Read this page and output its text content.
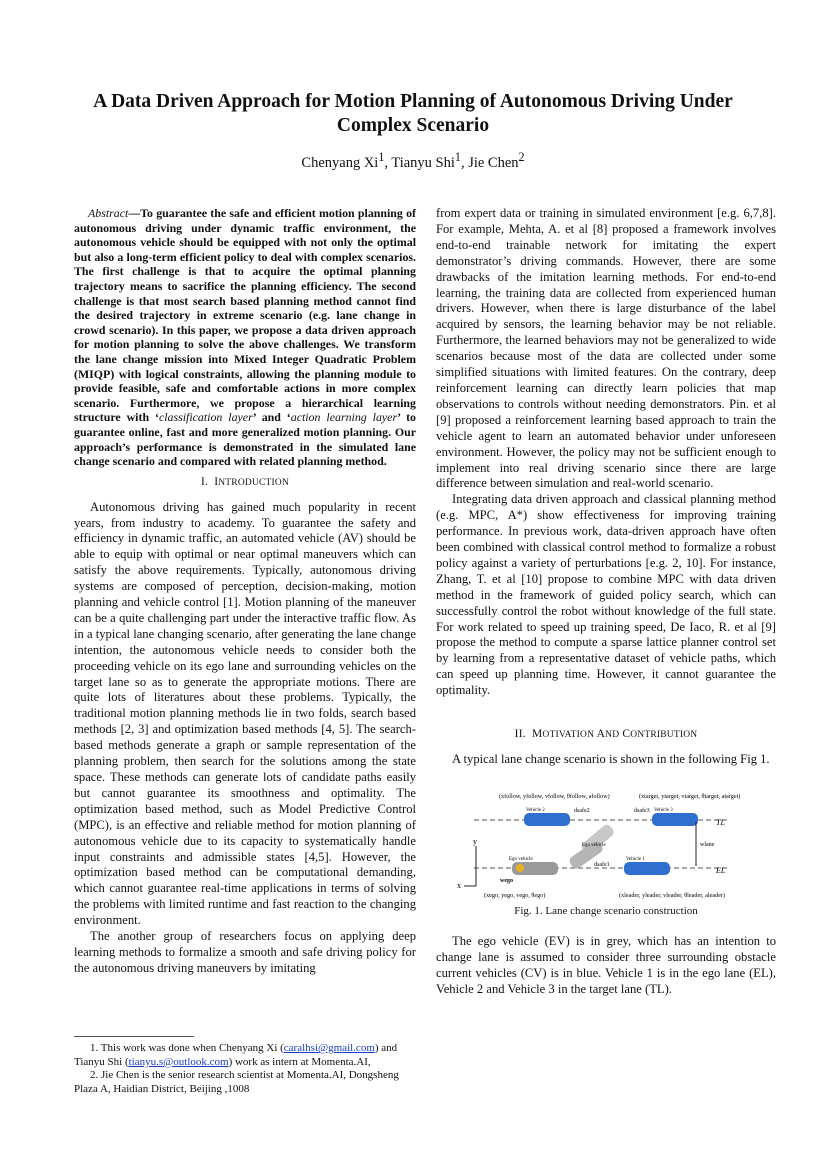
A Data Driven Approach for Motion Planning of Autonomous Driving Under Complex Scenario
Chenyang Xi$^1$, Tianyu Shi$^1$, Jie Chen$^2$

Abstract—To guarantee the safe and efficient motion planning of autonomous driving under dynamic traffic environment, the autonomous vehicle should be equipped with not only the optimal but also a long-term efficient policy to deal with complex scenarios. The first challenge is that to acquire the optimal planning trajectory means to sacrifice the planning efficiency. The second challenge is that most search based planning method cannot find the desired trajectory in extreme scenario (e.g. lane change in crowd scenario). In this paper, we propose a data driven approach for motion planning to solve the above challenges. We transform the lane change mission into Mixed Integer Quadratic Problem (MIQP) with logical constraints, allowing the planning module to provide feasible, safe and comfortable actions in more complex scenario. Furthermore, we propose a hierarchical learning structure with ‘classification layer’ and ‘action learning layer’ to guarantee online, fast and more generalized motion planning. Our approach’s performance is demonstrated in the simulated lane change scenario and compared with related planning method.

I. INTRODUCTION

Autonomous driving has gained much popularity in recent years, from industry to academy. To guarantee the safety and efficiency in dynamic traffic, an automated vehicle (AV) should be able to equip with optimal or near optimal maneuvers which can satisfy the above requirements. Typically, autonomous driving systems are composed of perception, decision-making, motion planning and vehicle control [1]. Motion planning of the maneuver can be a quite challenging part under the interactive traffic flow. As in a typical lane changing scenario, after generating the lane change intention, the autonomous vehicle needs to consider both the proceeding vehicle on its ego lane and surrounding vehicles on the target lane so as to generate the appropriate motions. There are quite lots of literatures about these problems. Typically, the traditional motion planning methods lie in two folds, search based methods [2, 3] and optimization based methods [4, 5]. The search-based methods generate a graph or sample representation of the planning problem, then search for the solutions among the state space. These methods can generate lots of candidate paths easily but cannot guarantee its smoothness and optimality. The optimization based method, such as Model Predictive Control (MPC), is an effective and reliable method for motion planning of autonomous vehicle due to its capacity to systematically handle input constraints and admissible states [4,5]. However, the optimization based method can be computational demanding, which cannot guarantee real-time applications in terms of solving the problems with limited runtime and fast reaction to the changing environment.

The another group of researchers focus on applying deep learning methods to formalize a smooth and safe driving policy for the autonomous driving maneuvers by imitating

1. This work was done when Chenyang Xi (caralhsi@gmail.com) and Tianyu Shi (tianyu.s@outlook.com) work as intern at Momenta.AI,

2. Jie Chen is the senior research scientist at Momenta.AI, Dongsheng Plaza A, Haidian District, Beijing ,1008

from expert data or training in simulated environment [e.g. 6,7,8]. For example, Mehta, A. et al [8] proposed a framework involves end-to-end trainable network for imitating the expert demonstrator’s driving commands. However, there are some drawbacks of the imitation learning methods. For end-to-end learning, the training data are collected from experienced human drivers. However, when there is large disturbance of the label acquired by sensors, the learning behavior may be not reliable. Furthermore, the learned behaviors may not be generalized to wide scenarios because most of the data are collected under some simplified situations with limited features. On the contrary, deep reinforcement learning can directly learn policies that map observations to controls without needing demonstrators. Pin. et al [9] proposed a reinforcement learning based approach to train the vehicle agent to learn an automated behavior under unforeseen environment. However, the policy may not be sufficient enough to implement into real driving scenario since there are large difference between simulation and real-world scenario.

Integrating data driven approach and classical planning method (e.g. MPC, A*) show effectiveness for improving training performance. In previous work, data-driven approach have often been combined with classical control method to formalize a robust policy against a variety of perturbations [e.g. 2, 10]. For instance, Zhang, T. et al [10] propose to combine MPC with data driven method in the framework of guided policy search, which can successfully control the robot without knowledge of the full state. For work related to speed up training speed, De Iaco, R. et al [9] propose the method to compute a sparse lattice planner control set by learning from a representative dataset of vehicle paths, which can speed up planning time. However, it cannot guarantee the optimality.

II. MOTIVATION AND CONTRIBUTION

A typical lane change scenario is shown in the following Fig 1.

x
y
(xfollow, yfollow, vfollow, θfollow, afollow)	(xtarget, ytarget, vtarget, θtarget, atarget)
Vehicle 2	dsafe2	Vehicle 3
dsafe3
TL
Ego vehicle
Ego vehicle
wego
dsafe1
Vehicle 1
wlane
EL
(xego, yego, vego, θego)	(xleader, yleader, vleader, θleader, aleader)
Fig. 1. Lane change scenario construction

The ego vehicle (EV) is in grey, which has an intention to change lane is assumed to consider three surrounding obstacle current vehicles (CV) is in blue. Vehicle 1 is in the ego lane (EL), Vehicle 2 and Vehicle 3 in the target lane (TL).
